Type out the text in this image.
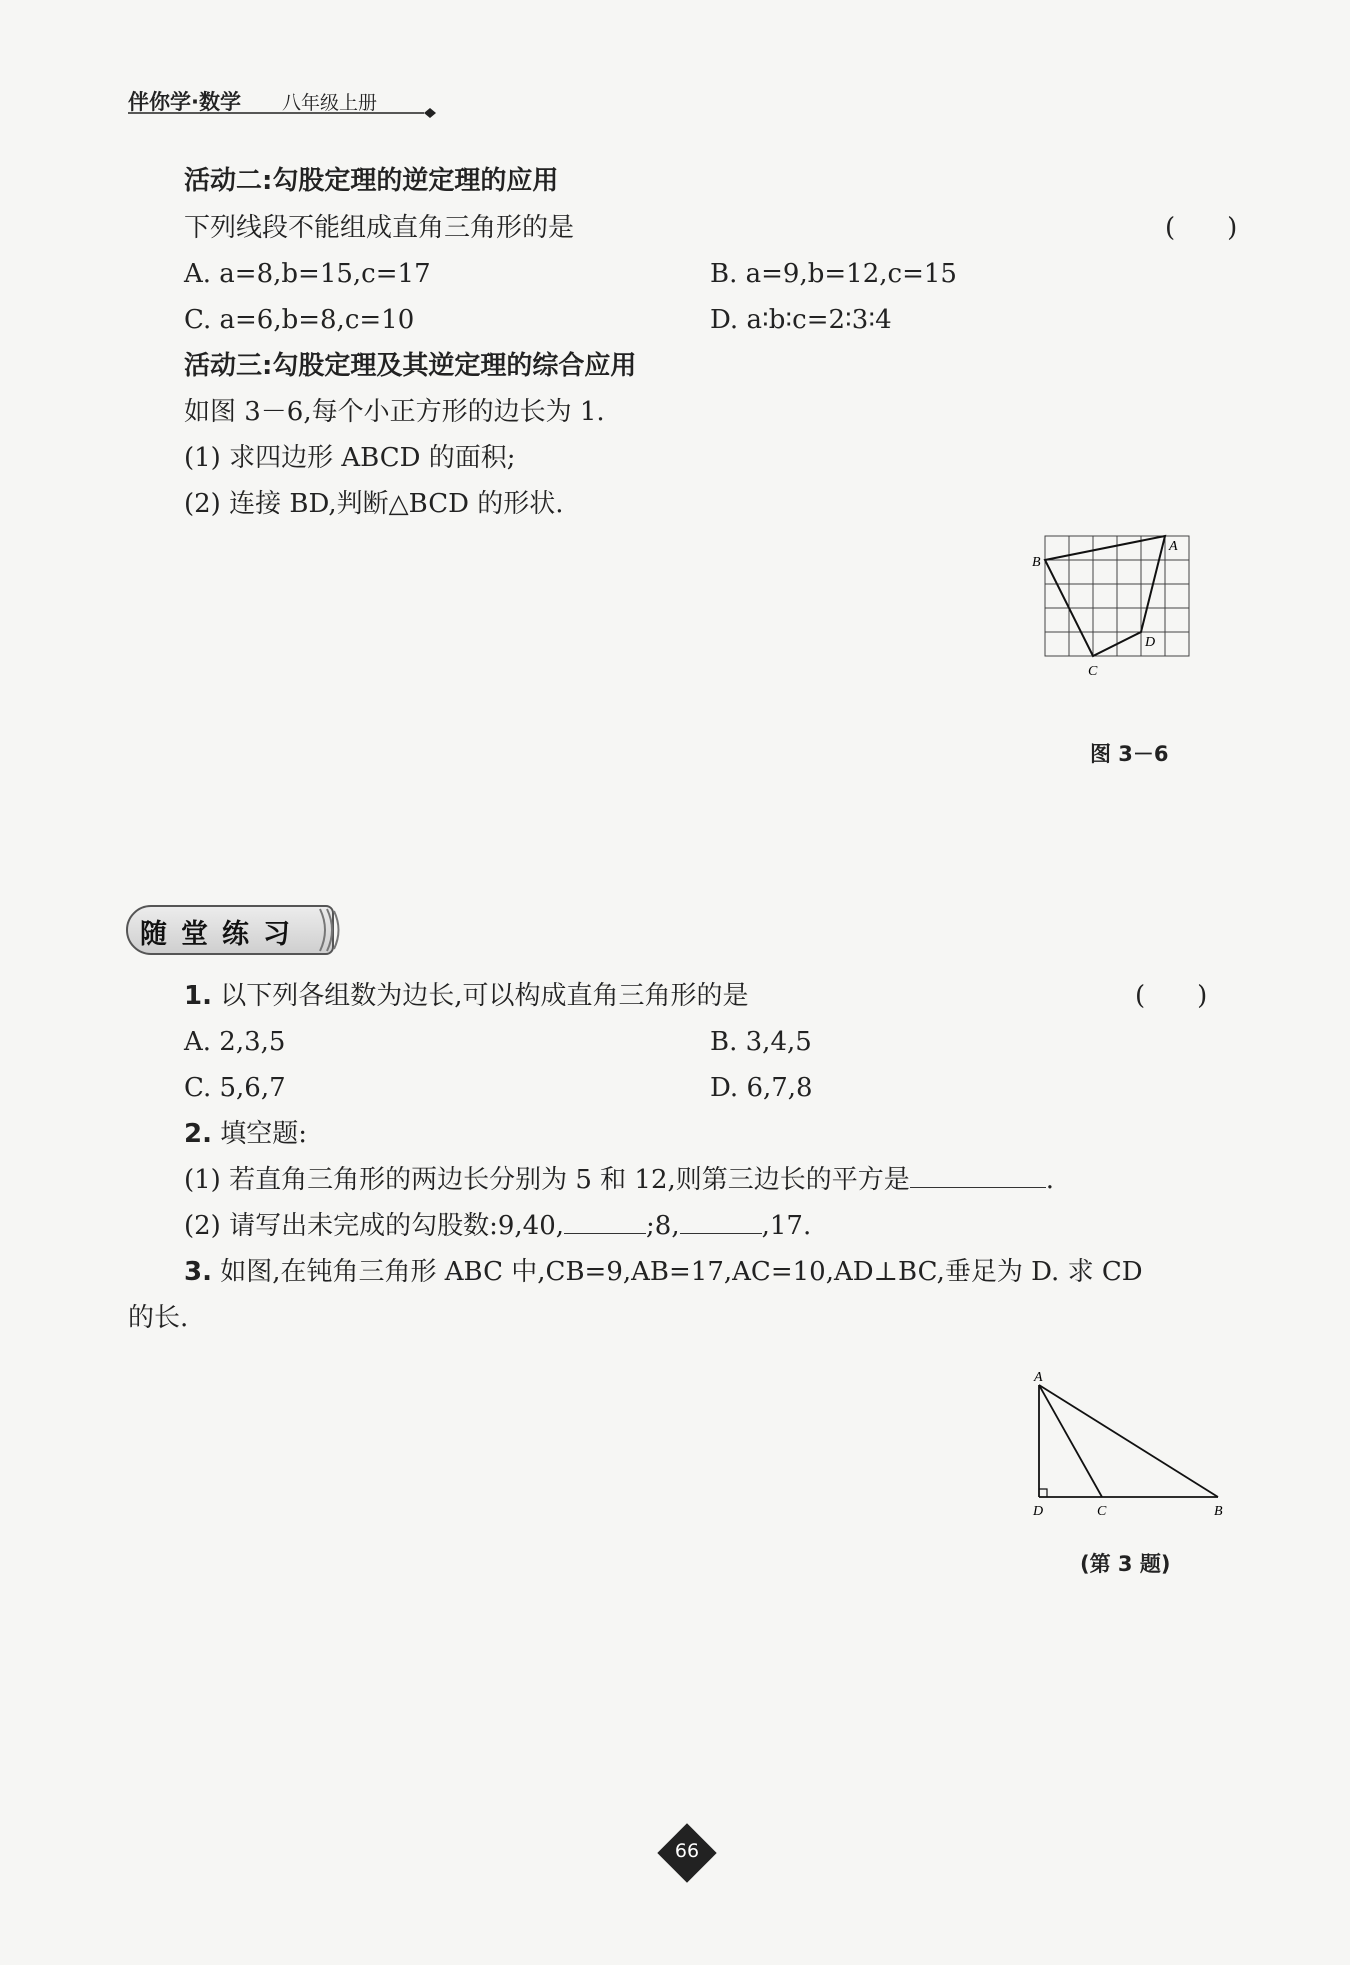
伴你学·数学 八年级上册
活动二:勾股定理的逆定理的应用
下列线段不能组成直角三角形的是	(　　)
A. a=8,b=15,c=17	B. a=9,b=12,c=15
C. a=6,b=8,c=10	D. a∶b∶c=2∶3∶4
活动三:勾股定理及其逆定理的综合应用
如图 3－6,每个小正方形的边长为 1.
(1) 求四边形 ABCD 的面积;
(2) 连接 BD,判断△BCD 的形状.
A
B
C
D
图 3－6
随堂练习
1. 以下列各组数为边长,可以构成直角三角形的是	(　　)
A. 2,3,5	B. 3,4,5
C. 5,6,7	D. 6,7,8
2. 填空题:
(1) 若直角三角形的两边长分别为 5 和 12,则第三边长的平方是	.
(2) 请写出未完成的勾股数:9,40,	;8,	,17.
3. 如图,在钝角三角形 ABC 中,CB=9,AB=17,AC=10,AD⊥BC,垂足为 D. 求 CD
的长.
A
D	C	B
(第 3 题)
66
